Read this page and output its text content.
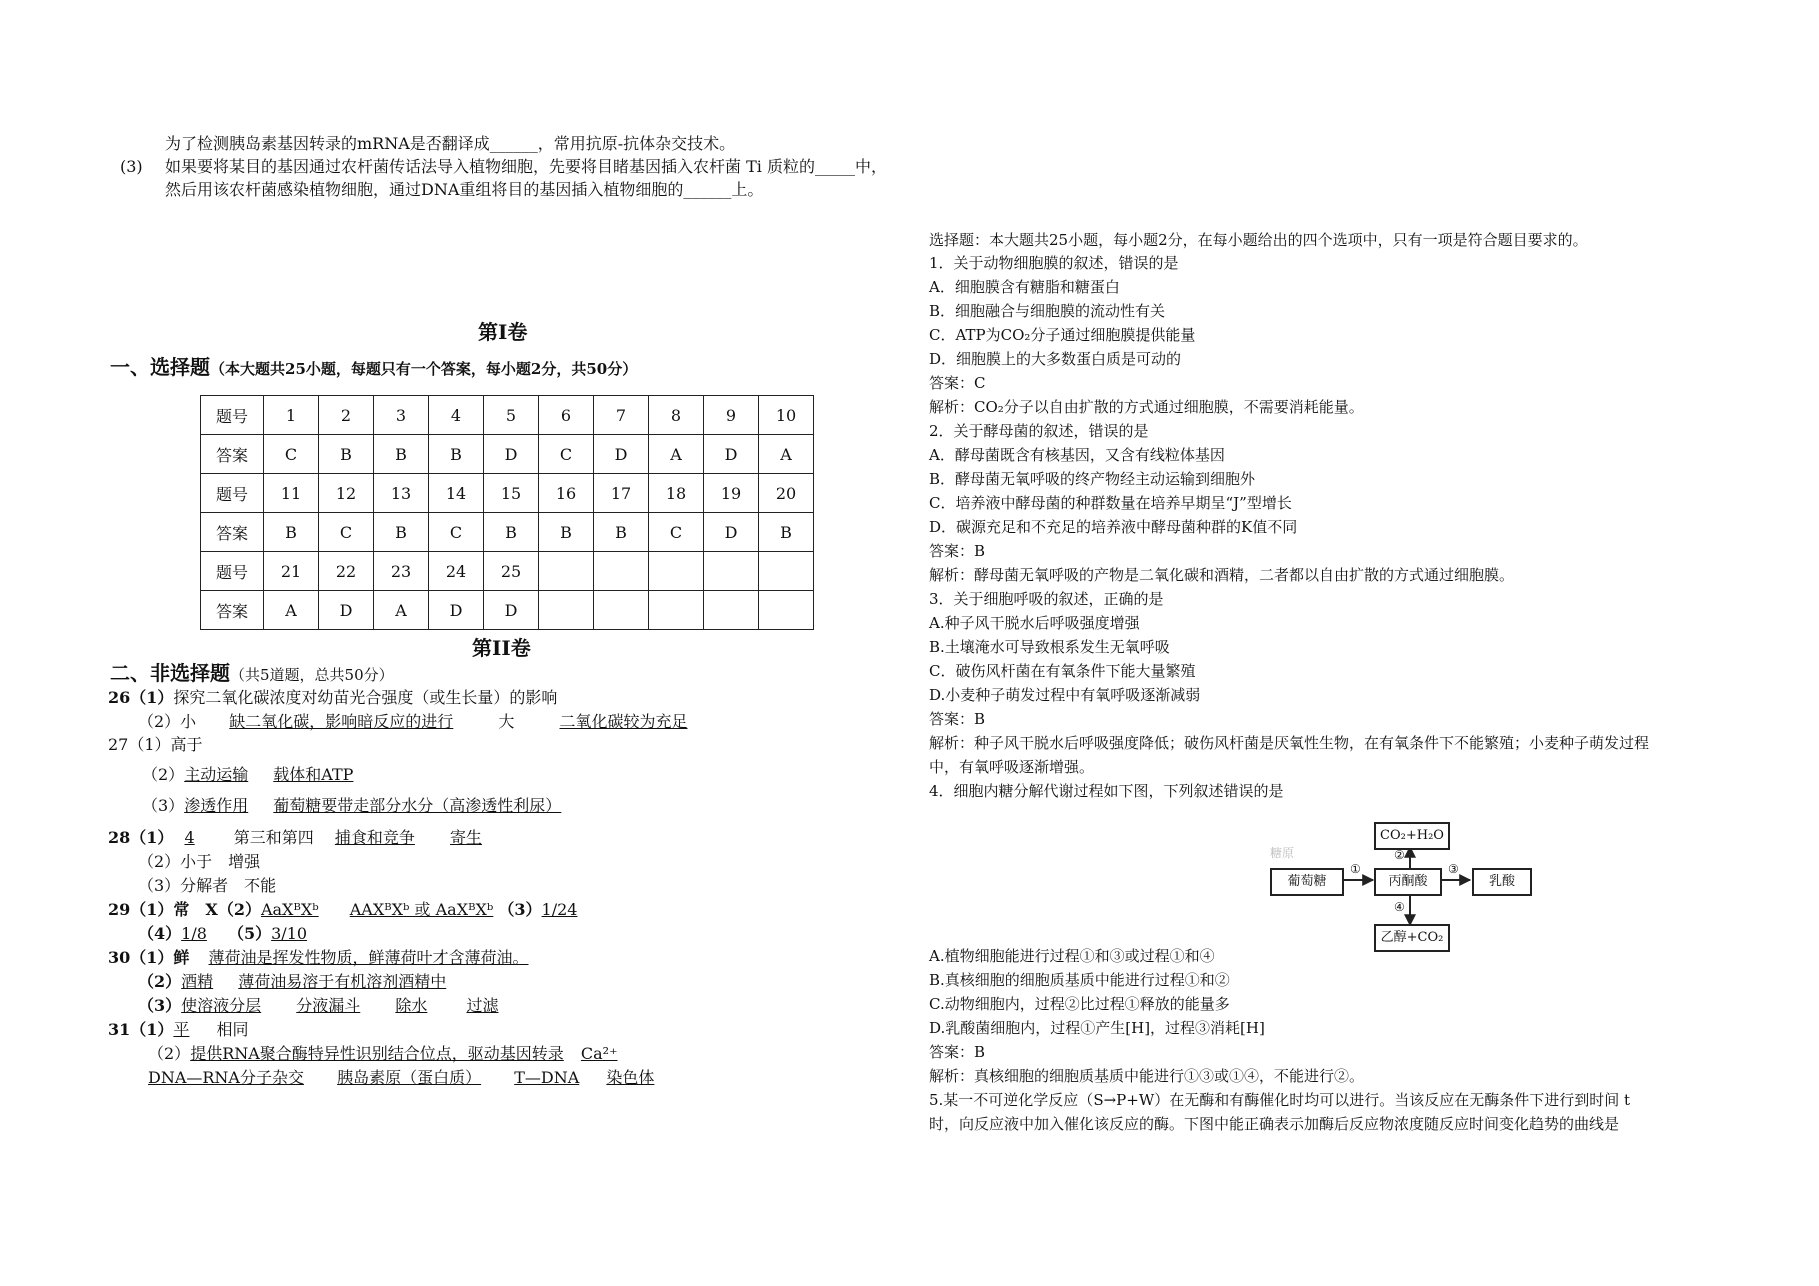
为了检测胰岛素基因转录的mRNA是否翻译成______，常用抗原-抗体杂交技术。
(3) 如果要将某目的基因通过农杆菌传话法导入植物细胞，先要将目睹基因插入农杆菌 Ti 质粒的_____中，
然后用该农杆菌感染植物细胞，通过DNA重组将目的基因插入植物细胞的______上。
第I卷
一、选择题（本大题共25小题，每题只有一个答案，每小题2分，共50分）
题号	1	2	3	4	5	6	7	8	9	10
答案	C	B	B	B	D	C	D	A	D	A
题号	11	12	13	14	15	16	17	18	19	20
答案	B	C	B	C	B	B	B	C	D	B
题号	21	22	23	24	25					
答案	A	D	A	D	D					
第II卷
二、非选择题（共5道题，总共50分）
26（1）探究二氧化碳浓度对幼苗光合强度（或生长量）的影响
（2）小 缺二氧化碳，影响暗反应的进行	大	二氧化碳较为充足
27（1）高于
（2）主动运输 载体和ATP
（3）渗透作用 葡萄糖要带走部分水分（高渗透性利尿）
28（1） 4 第三和第四 捕食和竞争 寄生
（2）小于　增强
（3）分解者　不能
29（1）常　X（2）AaXᴮXᵇ AAXᴮXᵇ 或 AaXᴮXᵇ （3）1/24
（4）1/8 （5）3/10
30（1）鲜 薄荷油是挥发性物质，鲜薄荷叶才含薄荷油。
（2）酒精 薄荷油易溶于有机溶剂酒精中
（3）使溶液分层 分液漏斗 除水 过滤
31（1）平 相同
（2）提供RNA聚合酶特异性识别结合位点，驱动基因转录 Ca²⁺
DNA—RNA分子杂交 胰岛素原（蛋白质） T—DNA 染色体
选择题：本大题共25小题，每小题2分，在每小题给出的四个选项中，只有一项是符合题目要求的。
1．关于动物细胞膜的叙述，错误的是
A．细胞膜含有糖脂和糖蛋白
B．细胞融合与细胞膜的流动性有关
C．ATP为CO₂分子通过细胞膜提供能量
D．细胞膜上的大多数蛋白质是可动的
答案：C
解析：CO₂分子以自由扩散的方式通过细胞膜，不需要消耗能量。
2．关于酵母菌的叙述，错误的是
A．酵母菌既含有核基因，又含有线粒体基因
B．酵母菌无氧呼吸的终产物经主动运输到细胞外
C．培养液中酵母菌的种群数量在培养早期呈“J”型增长
D．碳源充足和不充足的培养液中酵母菌种群的K值不同
答案：B
解析：酵母菌无氧呼吸的产物是二氧化碳和酒精，二者都以自由扩散的方式通过细胞膜。
3．关于细胞呼吸的叙述，正确的是
A.种子风干脱水后呼吸强度增强
B.土壤淹水可导致根系发生无氧呼吸
C．破伤风杆菌在有氧条件下能大量繁殖
D.小麦种子萌发过程中有氧呼吸逐渐减弱
答案：B
解析：种子风干脱水后呼吸强度降低；破伤风杆菌是厌氧性生物，在有氧条件下不能繁殖；小麦种子萌发过程
中，有氧呼吸逐渐增强。
4．细胞内糖分解代谢过程如下图，下列叙述错误的是
糖原
葡萄糖	丙酮酸
CO₂+H₂O
乳酸
乙醇+CO₂
①
②
③
④
A.植物细胞能进行过程①和③或过程①和④
B.真核细胞的细胞质基质中能进行过程①和②
C.动物细胞内，过程②比过程①释放的能量多
D.乳酸菌细胞内，过程①产生[H]，过程③消耗[H]
答案：B
解析：真核细胞的细胞质基质中能进行①③或①④，不能进行②。
5.某一不可逆化学反应（S→P+W）在无酶和有酶催化时均可以进行。当该反应在无酶条件下进行到时间 t
时，向反应液中加入催化该反应的酶。下图中能正确表示加酶后反应物浓度随反应时间变化趋势的曲线是
